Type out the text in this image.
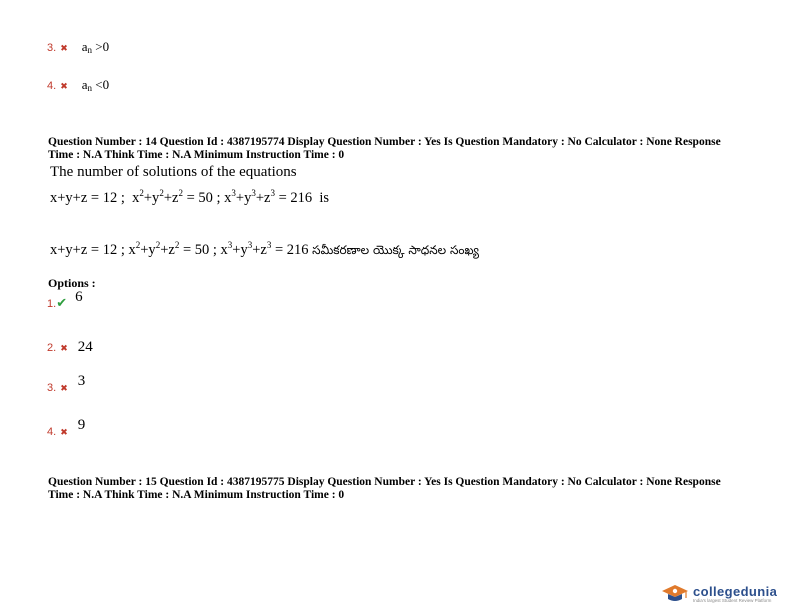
3. ✖ $a_n >0$
4. ✖ $a_n <0$
Question Number : 14 Question Id : 4387195774 Display Question Number : Yes Is Question Mandatory : No Calculator : None Response
Time : N.A Think Time : N.A Minimum Instruction Time : 0
The number of solutions of the equations
x+y+z = 12 ;  $x^2+y^2+z^2 = 50$ ; $x^3+y^3+z^3 = 216$  is
x+y+z = 12 ; $x^2+y^2+z^2 = 50$ ; $x^3+y^3+z^3 = 216$ సమీకరణాల యొక్క సాధనల సంఖ్య
Options :
1.✔ 6
2. ✖ 24
3. ✖ 3
4. ✖ 9
Question Number : 15 Question Id : 4387195775 Display Question Number : Yes Is Question Mandatory : No Calculator : None Response
Time : N.A Think Time : N.A Minimum Instruction Time : 0
collegedunia
India's largest Student Review Platform
